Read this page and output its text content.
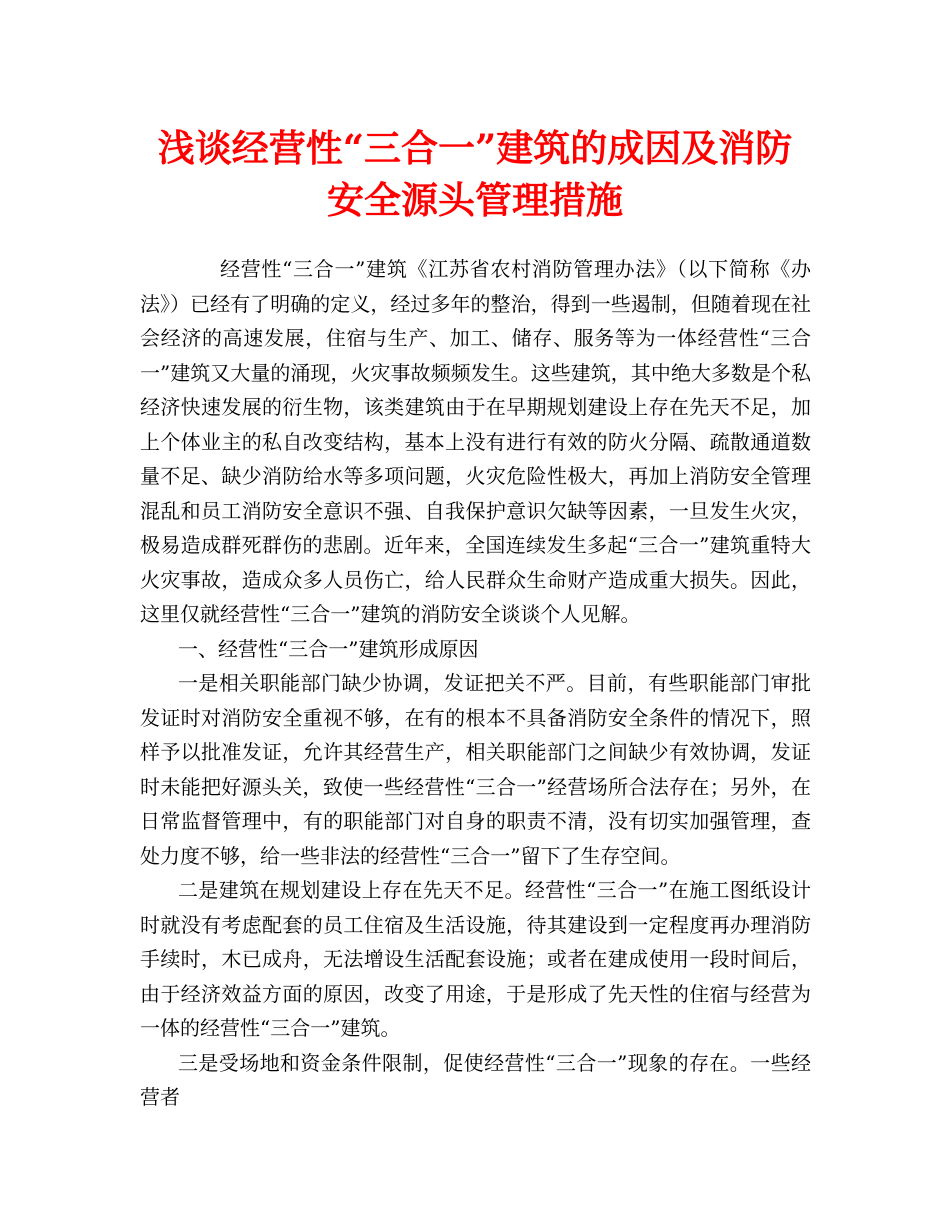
浅谈经营性“三合一”建筑的成因及消防安全源头管理措施

经营性“三合一”建筑《江苏省农村消防管理办法》（以下简称《办法》）已经有了明确的定义，经过多年的整治，得到一些遏制，但随着现在社会经济的高速发展，住宿与生产、加工、储存、服务等为一体经营性“三合一”建筑又大量的涌现，火灾事故频频发生。这些建筑，其中绝大多数是个私经济快速发展的衍生物，该类建筑由于在早期规划建设上存在先天不足，加上个体业主的私自改变结构，基本上没有进行有效的防火分隔、疏散通道数量不足、缺少消防给水等多项问题，火灾危险性极大，再加上消防安全管理混乱和员工消防安全意识不强、自我保护意识欠缺等因素，一旦发生火灾，极易造成群死群伤的悲剧。近年来，全国连续发生多起“三合一”建筑重特大火灾事故，造成众多人员伤亡，给人民群众生命财产造成重大损失。因此，这里仅就经营性“三合一”建筑的消防安全谈谈个人见解。

一、经营性“三合一”建筑形成原因

一是相关职能部门缺少协调，发证把关不严。目前，有些职能部门审批发证时对消防安全重视不够，在有的根本不具备消防安全条件的情况下，照样予以批准发证，允许其经营生产，相关职能部门之间缺少有效协调，发证时未能把好源头关，致使一些经营性“三合一”经营场所合法存在；另外，在日常监督管理中，有的职能部门对自身的职责不清，没有切实加强管理，查处力度不够，给一些非法的经营性“三合一”留下了生存空间。

二是建筑在规划建设上存在先天不足。经营性“三合一”在施工图纸设计时就没有考虑配套的员工住宿及生活设施，待其建设到一定程度再办理消防手续时，木已成舟，无法增设生活配套设施；或者在建成使用一段时间后，由于经济效益方面的原因，改变了用途，于是形成了先天性的住宿与经营为一体的经营性“三合一”建筑。

三是受场地和资金条件限制，促使经营性“三合一”现象的存在。一些经营者
